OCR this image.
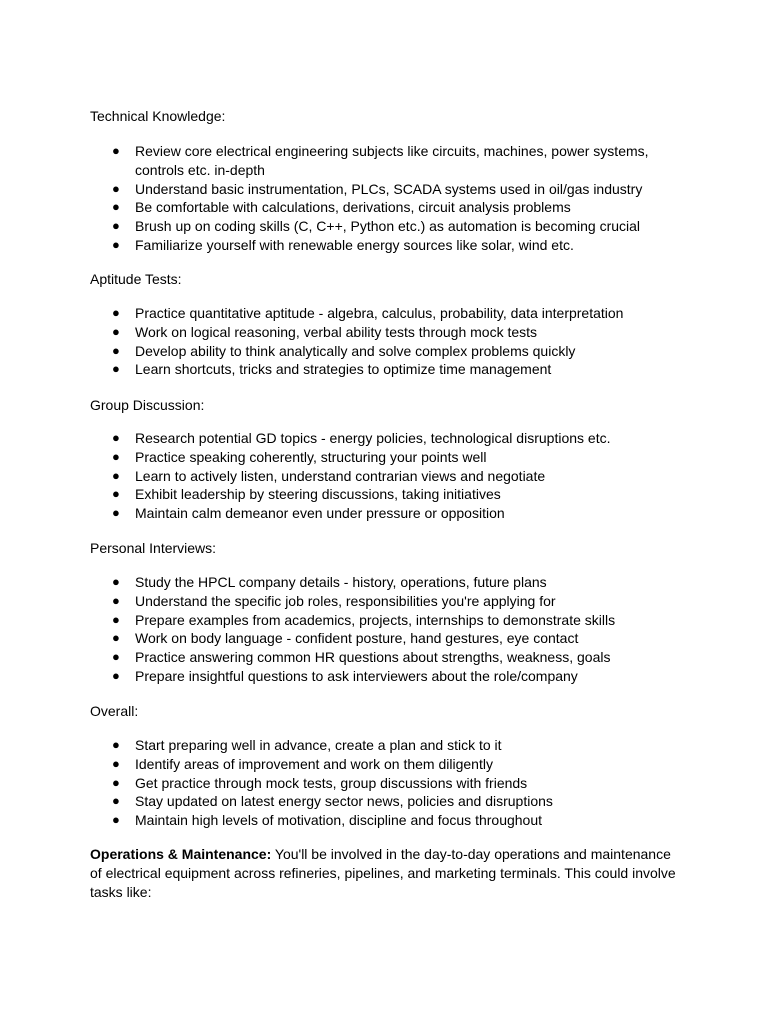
Technical Knowledge:
● Review core electrical engineering subjects like circuits, machines, power systems, controls etc. in-depth
● Understand basic instrumentation, PLCs, SCADA systems used in oil/gas industry
● Be comfortable with calculations, derivations, circuit analysis problems
● Brush up on coding skills (C, C++, Python etc.) as automation is becoming crucial
● Familiarize yourself with renewable energy sources like solar, wind etc.
Aptitude Tests:
● Practice quantitative aptitude - algebra, calculus, probability, data interpretation
● Work on logical reasoning, verbal ability tests through mock tests
● Develop ability to think analytically and solve complex problems quickly
● Learn shortcuts, tricks and strategies to optimize time management
Group Discussion:
● Research potential GD topics - energy policies, technological disruptions etc.
● Practice speaking coherently, structuring your points well
● Learn to actively listen, understand contrarian views and negotiate
● Exhibit leadership by steering discussions, taking initiatives
● Maintain calm demeanor even under pressure or opposition
Personal Interviews:
● Study the HPCL company details - history, operations, future plans
● Understand the specific job roles, responsibilities you're applying for
● Prepare examples from academics, projects, internships to demonstrate skills
● Work on body language - confident posture, hand gestures, eye contact
● Practice answering common HR questions about strengths, weakness, goals
● Prepare insightful questions to ask interviewers about the role/company
Overall:
● Start preparing well in advance, create a plan and stick to it
● Identify areas of improvement and work on them diligently
● Get practice through mock tests, group discussions with friends
● Stay updated on latest energy sector news, policies and disruptions
● Maintain high levels of motivation, discipline and focus throughout

Operations & Maintenance: You'll be involved in the day-to-day operations and maintenance of electrical equipment across refineries, pipelines, and marketing terminals. This could involve tasks like:
